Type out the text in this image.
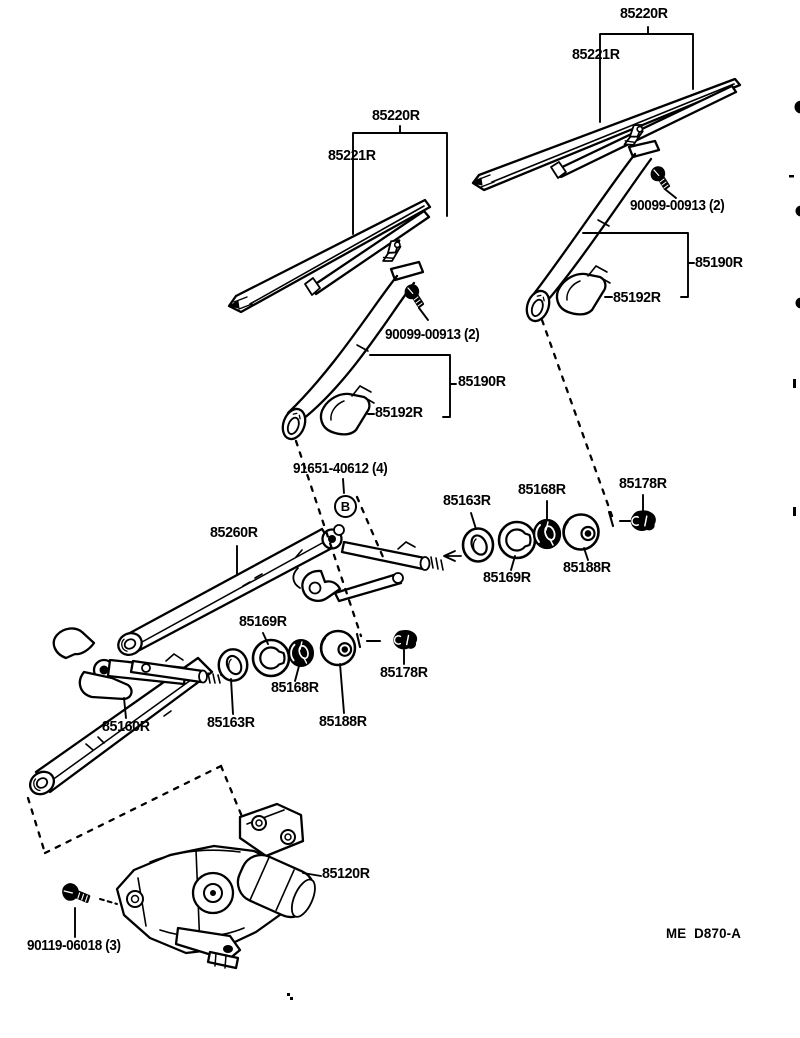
85220R
85221R
85220R
85221R
90099-00913 (2)
85190R
85192R
90099-00913 (2)
85190R
85192R
91651-40612 (4)
B
85260R
85163R
85168R	85178R
85169R
85188R
85169R
85168R
85178R
85163R	85188R
85160R
85120R
90119-06018 (3)
ME  D870-A
